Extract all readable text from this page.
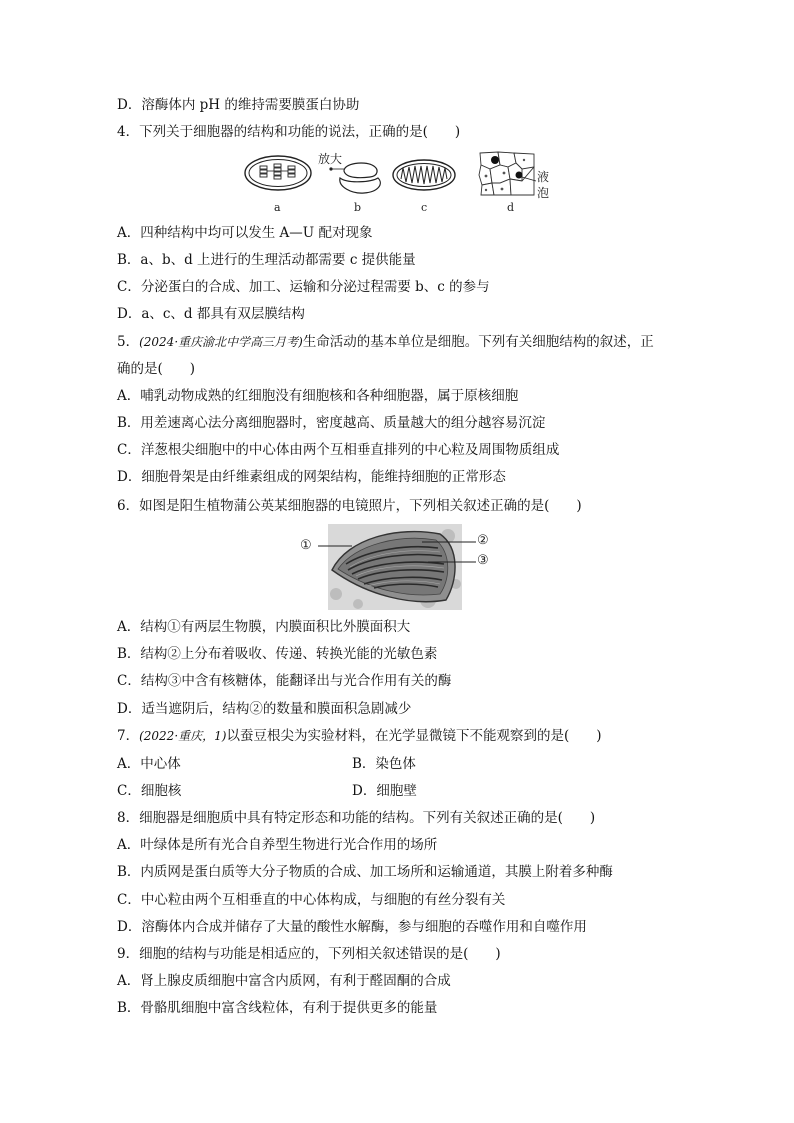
D．溶酶体内 pH 的维持需要膜蛋白协助
4．下列关于细胞器的结构和功能的说法，正确的是(　　)
放大
液
泡
a	b	c	d
A．四种结构中均可以发生 A—U 配对现象
B．a、b、d 上进行的生理活动都需要 c 提供能量
C．分泌蛋白的合成、加工、运输和分泌过程需要 b、c 的参与
D．a、c、d 都具有双层膜结构
5．(2024·重庆渝北中学高三月考)生命活动的基本单位是细胞。下列有关细胞结构的叙述，正
确的是(　　)
A．哺乳动物成熟的红细胞没有细胞核和各种细胞器，属于原核细胞
B．用差速离心法分离细胞器时，密度越高、质量越大的组分越容易沉淀
C．洋葱根尖细胞中的中心体由两个互相垂直排列的中心粒及周围物质组成
D．细胞骨架是由纤维素组成的网架结构，能维持细胞的正常形态
6．如图是阳生植物蒲公英某细胞器的电镜照片，下列相关叙述正确的是(　　)
①	②
③
A．结构①有两层生物膜，内膜面积比外膜面积大
B．结构②上分布着吸收、传递、转换光能的光敏色素
C．结构③中含有核糖体，能翻译出与光合作用有关的酶
D．适当遮阴后，结构②的数量和膜面积急剧减少
7．(2022·重庆，1)以蚕豆根尖为实验材料，在光学显微镜下不能观察到的是(　　)
A．中心体	B．染色体
C．细胞核	D．细胞壁
8．细胞器是细胞质中具有特定形态和功能的结构。下列有关叙述正确的是(　　)
A．叶绿体是所有光合自养型生物进行光合作用的场所
B．内质网是蛋白质等大分子物质的合成、加工场所和运输通道，其膜上附着多种酶
C．中心粒由两个互相垂直的中心体构成，与细胞的有丝分裂有关
D．溶酶体内合成并储存了大量的酸性水解酶，参与细胞的吞噬作用和自噬作用
9．细胞的结构与功能是相适应的，下列相关叙述错误的是(　　)
A．肾上腺皮质细胞中富含内质网，有利于醛固酮的合成
B．骨骼肌细胞中富含线粒体，有利于提供更多的能量
